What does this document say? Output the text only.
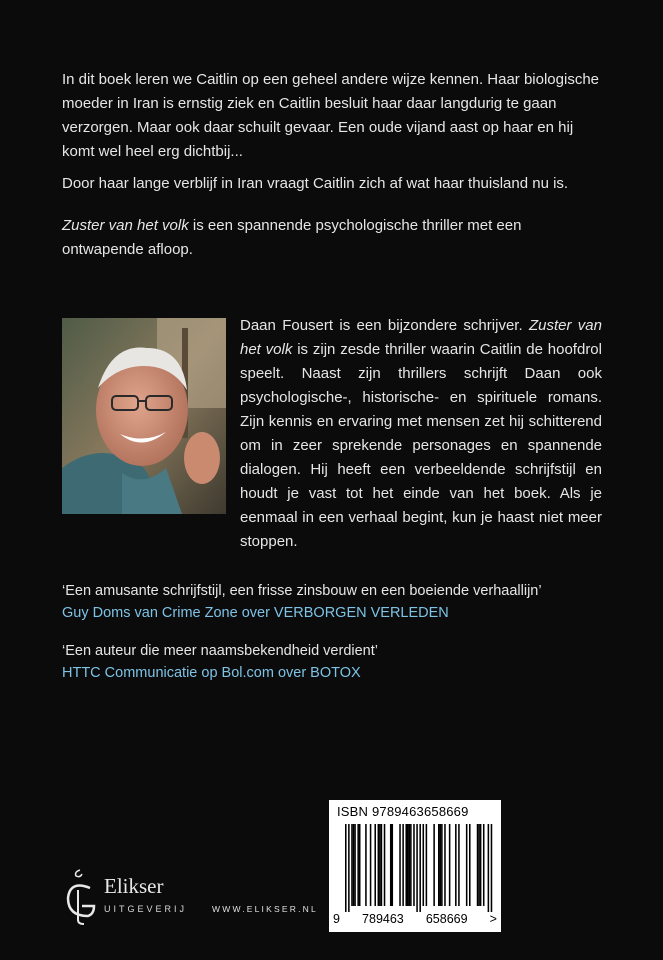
In dit boek leren we Caitlin op een geheel andere wijze kennen. Haar biologische moeder in Iran is ernstig ziek en Caitlin besluit haar daar langdurig te gaan verzorgen. Maar ook daar schuilt gevaar. Een oude vijand aast op haar en hij komt wel heel erg dichtbij...

Door haar lange verblijf in Iran vraagt Caitlin zich af wat haar thuisland nu is.

Zuster van het volk is een spannende psychologische thriller met een ontwapende afloop.

Daan Fousert is een bijzondere schrijver. Zuster van het volk is zijn zesde thriller waarin Caitlin de hoofdrol speelt. Naast zijn thrillers schrijft Daan ook psychologische-, historische- en spirituele romans. Zijn kennis en ervaring met mensen zet hij schitterend om in zeer sprekende personages en spannende dialogen. Hij heeft een verbeeldende schrijfstijl en houdt je vast tot het einde van het boek. Als je eenmaal in een verhaal begint, kun je haast niet meer stoppen.

‘Een amusante schrijfstijl, een frisse zinsbouw en een boeiende verhaallijn’
Guy Doms van Crime Zone over VERBORGEN VERLEDEN

‘Een auteur die meer naamsbekendheid verdient’
HTTC Communicatie op Bol.com over BOTOX

ISBN 9789463658669
9 789463 658669 >
Elikser
UITGEVERIJ	WWW.ELIKSER.NL
